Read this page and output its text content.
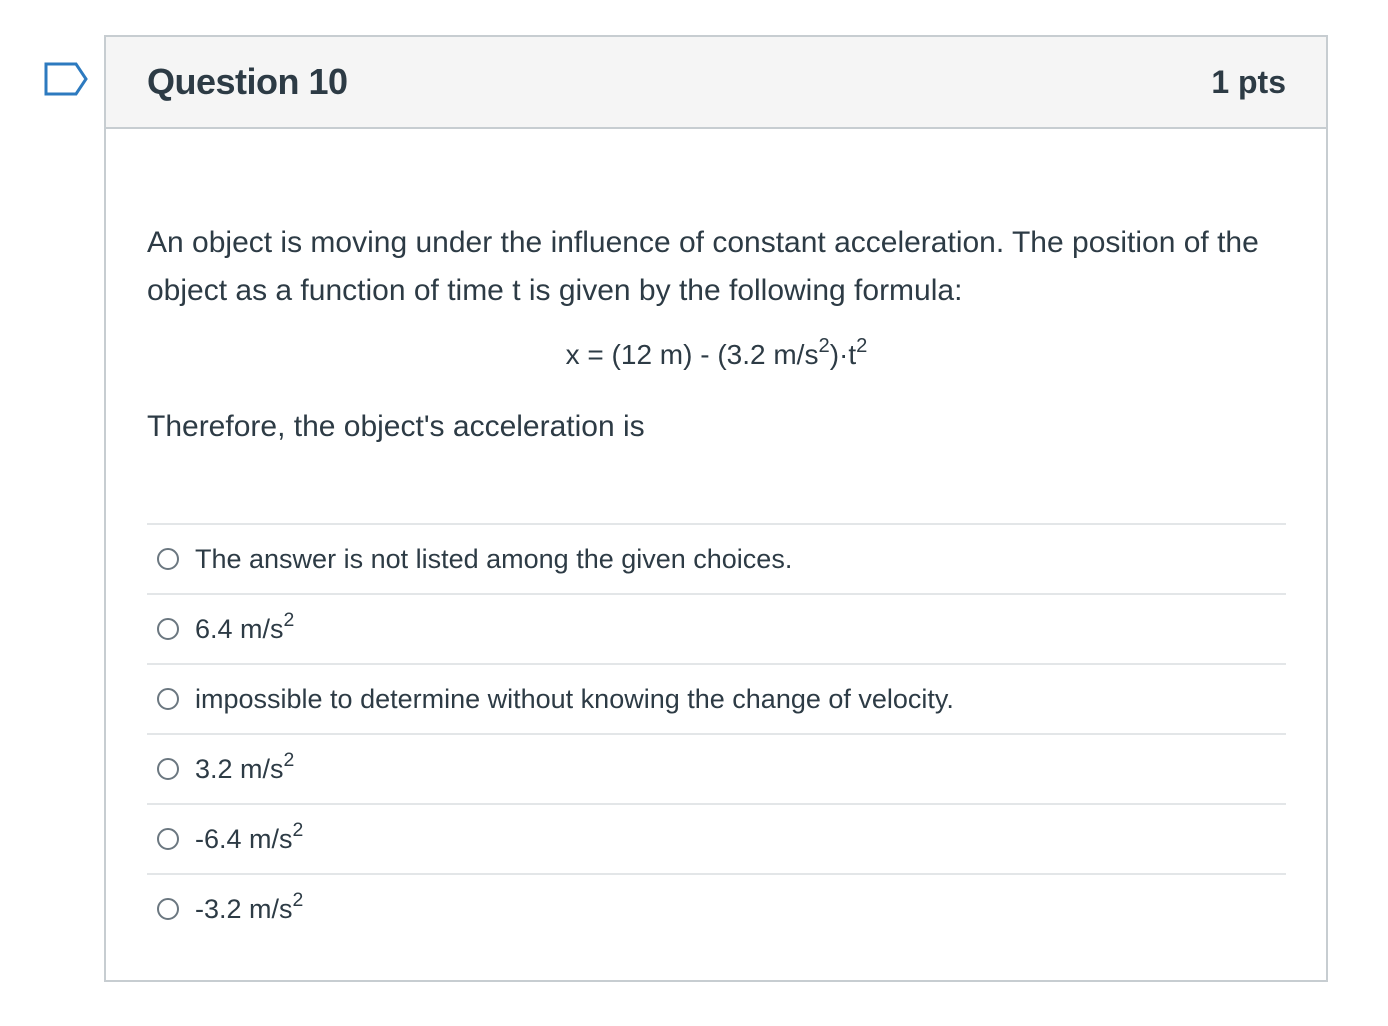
Question 10	1 pts
An object is moving under the influence of constant acceleration. The position of the object as a function of time t is given by the following formula:
x = (12 m) - (3.2 $m/s^2)\cdot t^2$
Therefore, the object's acceleration is
The answer is not listed among the given choices.
6.4 $m/s^2$
impossible to determine without knowing the change of velocity.
3.2 $m/s^2$
-6.4 $m/s^2$
-3.2 $m/s^2$
